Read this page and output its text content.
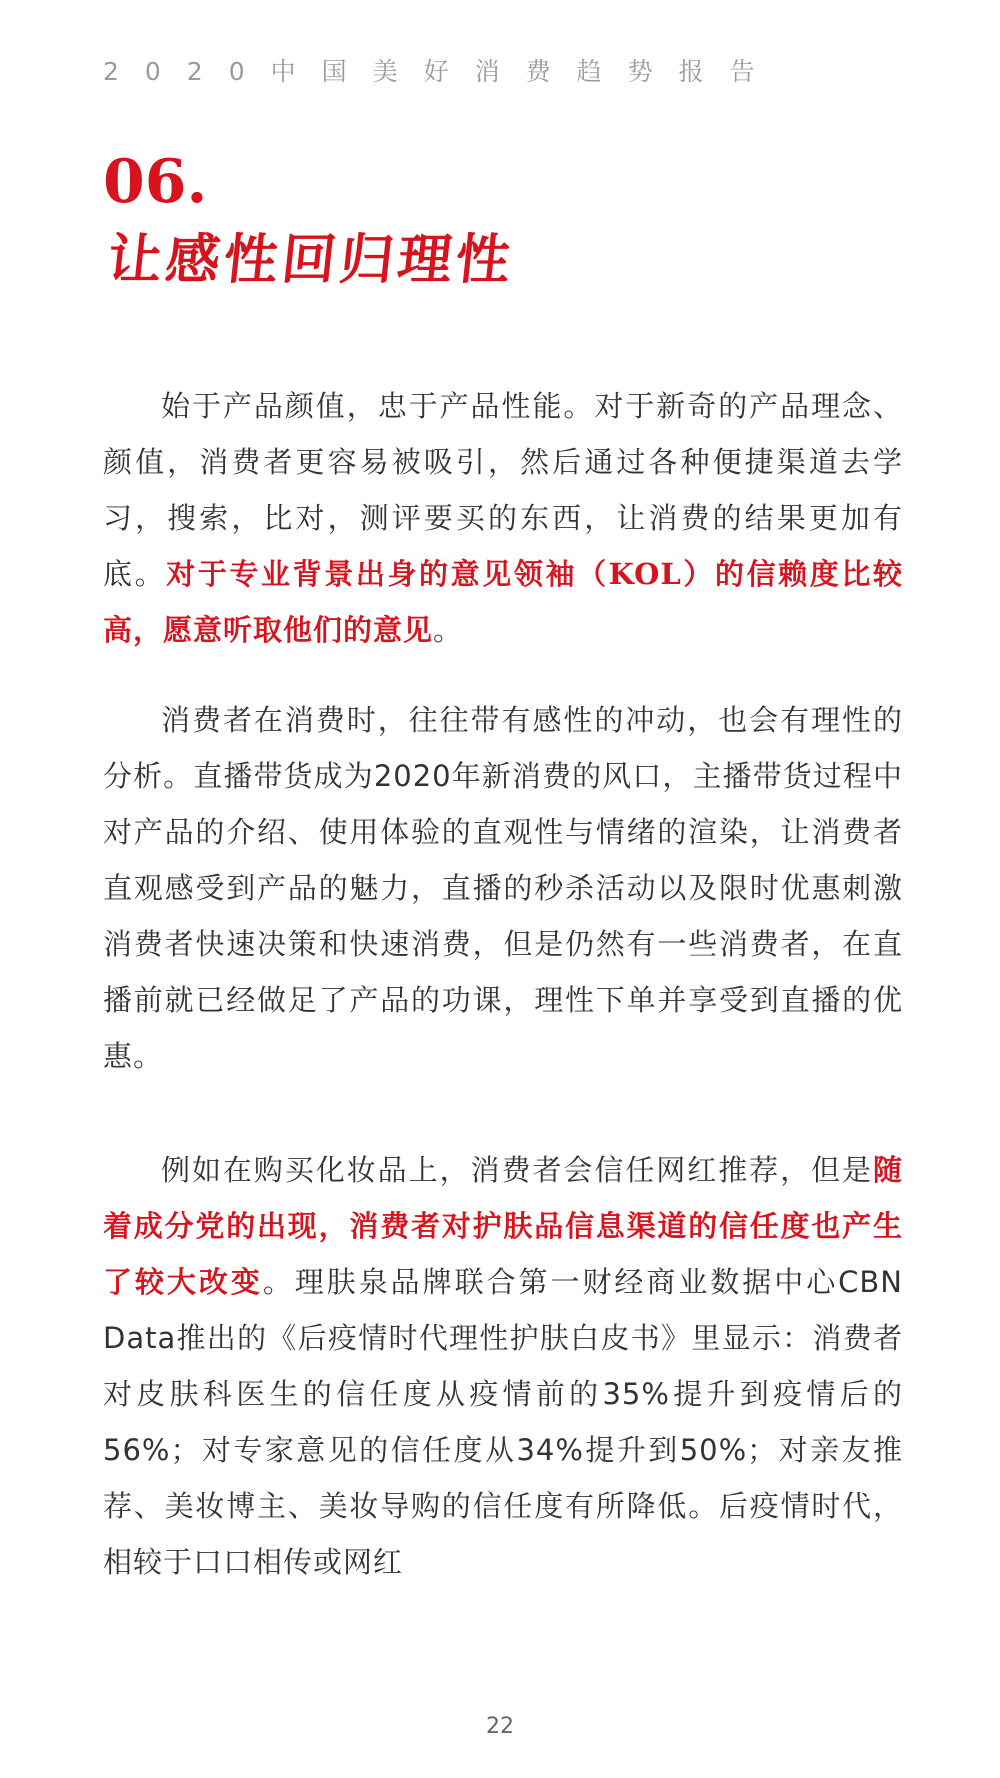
2020中国美好消费趋势报告
06.
让感性回归理性

始于产品颜值，忠于产品性能。对于新奇的产品理念、颜值，消费者更容易被吸引，然后通过各种便捷渠道去学习，搜索，比对，测评要买的东西，让消费的结果更加有底。对于专业背景出身的意见领袖（KOL）的信赖度比较高，愿意听取他们的意见。

消费者在消费时，往往带有感性的冲动，也会有理性的分析。直播带货成为2020年新消费的风口，主播带货过程中对产品的介绍、使用体验的直观性与情绪的渲染，让消费者直观感受到产品的魅力，直播的秒杀活动以及限时优惠刺激消费者快速决策和快速消费，但是仍然有一些消费者，在直播前就已经做足了产品的功课，理性下单并享受到直播的优惠。

例如在购买化妆品上，消费者会信任网红推荐，但是随着成分党的出现，消费者对护肤品信息渠道的信任度也产生了较大改变。理肤泉品牌联合第一财经商业数据中心CBN Data推出的《后疫情时代理性护肤白皮书》里显示：消费者对皮肤科医生的信任度从疫情前的35%提升到疫情后的56%；对专家意见的信任度从34%提升到50%；对亲友推荐、美妆博主、美妆导购的信任度有所降低。后疫情时代，相较于口口相传或网红

22
